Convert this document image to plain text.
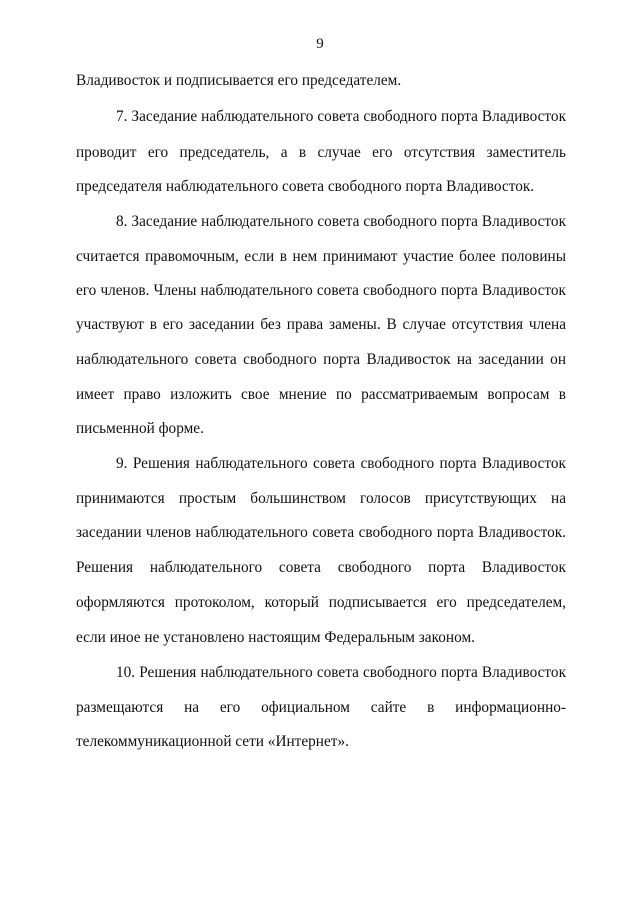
9
Владивосток и подписывается его председателем.
7. Заседание наблюдательного совета свободного порта Владивосток
проводит его председатель, а в случае его отсутствия заместитель
председателя наблюдательного совета свободного порта Владивосток.
8. Заседание наблюдательного совета свободного порта Владивосток
считается правомочным, если в нем принимают участие более половины
его членов. Члены наблюдательного совета свободного порта Владивосток
участвуют в его заседании без права замены. В случае отсутствия члена
наблюдательного совета свободного порта Владивосток на заседании он
имеет право изложить свое мнение по рассматриваемым вопросам в
письменной форме.
9. Решения наблюдательного совета свободного порта Владивосток
принимаются простым большинством голосов присутствующих на
заседании членов наблюдательного совета свободного порта Владивосток.
Решения наблюдательного совета свободного порта Владивосток
оформляются протоколом, который подписывается его председателем,
если иное не установлено настоящим Федеральным законом.
10. Решения наблюдательного совета свободного порта Владивосток
размещаются на его официальном сайте в информационно-
телекоммуникационной сети «Интернет».
